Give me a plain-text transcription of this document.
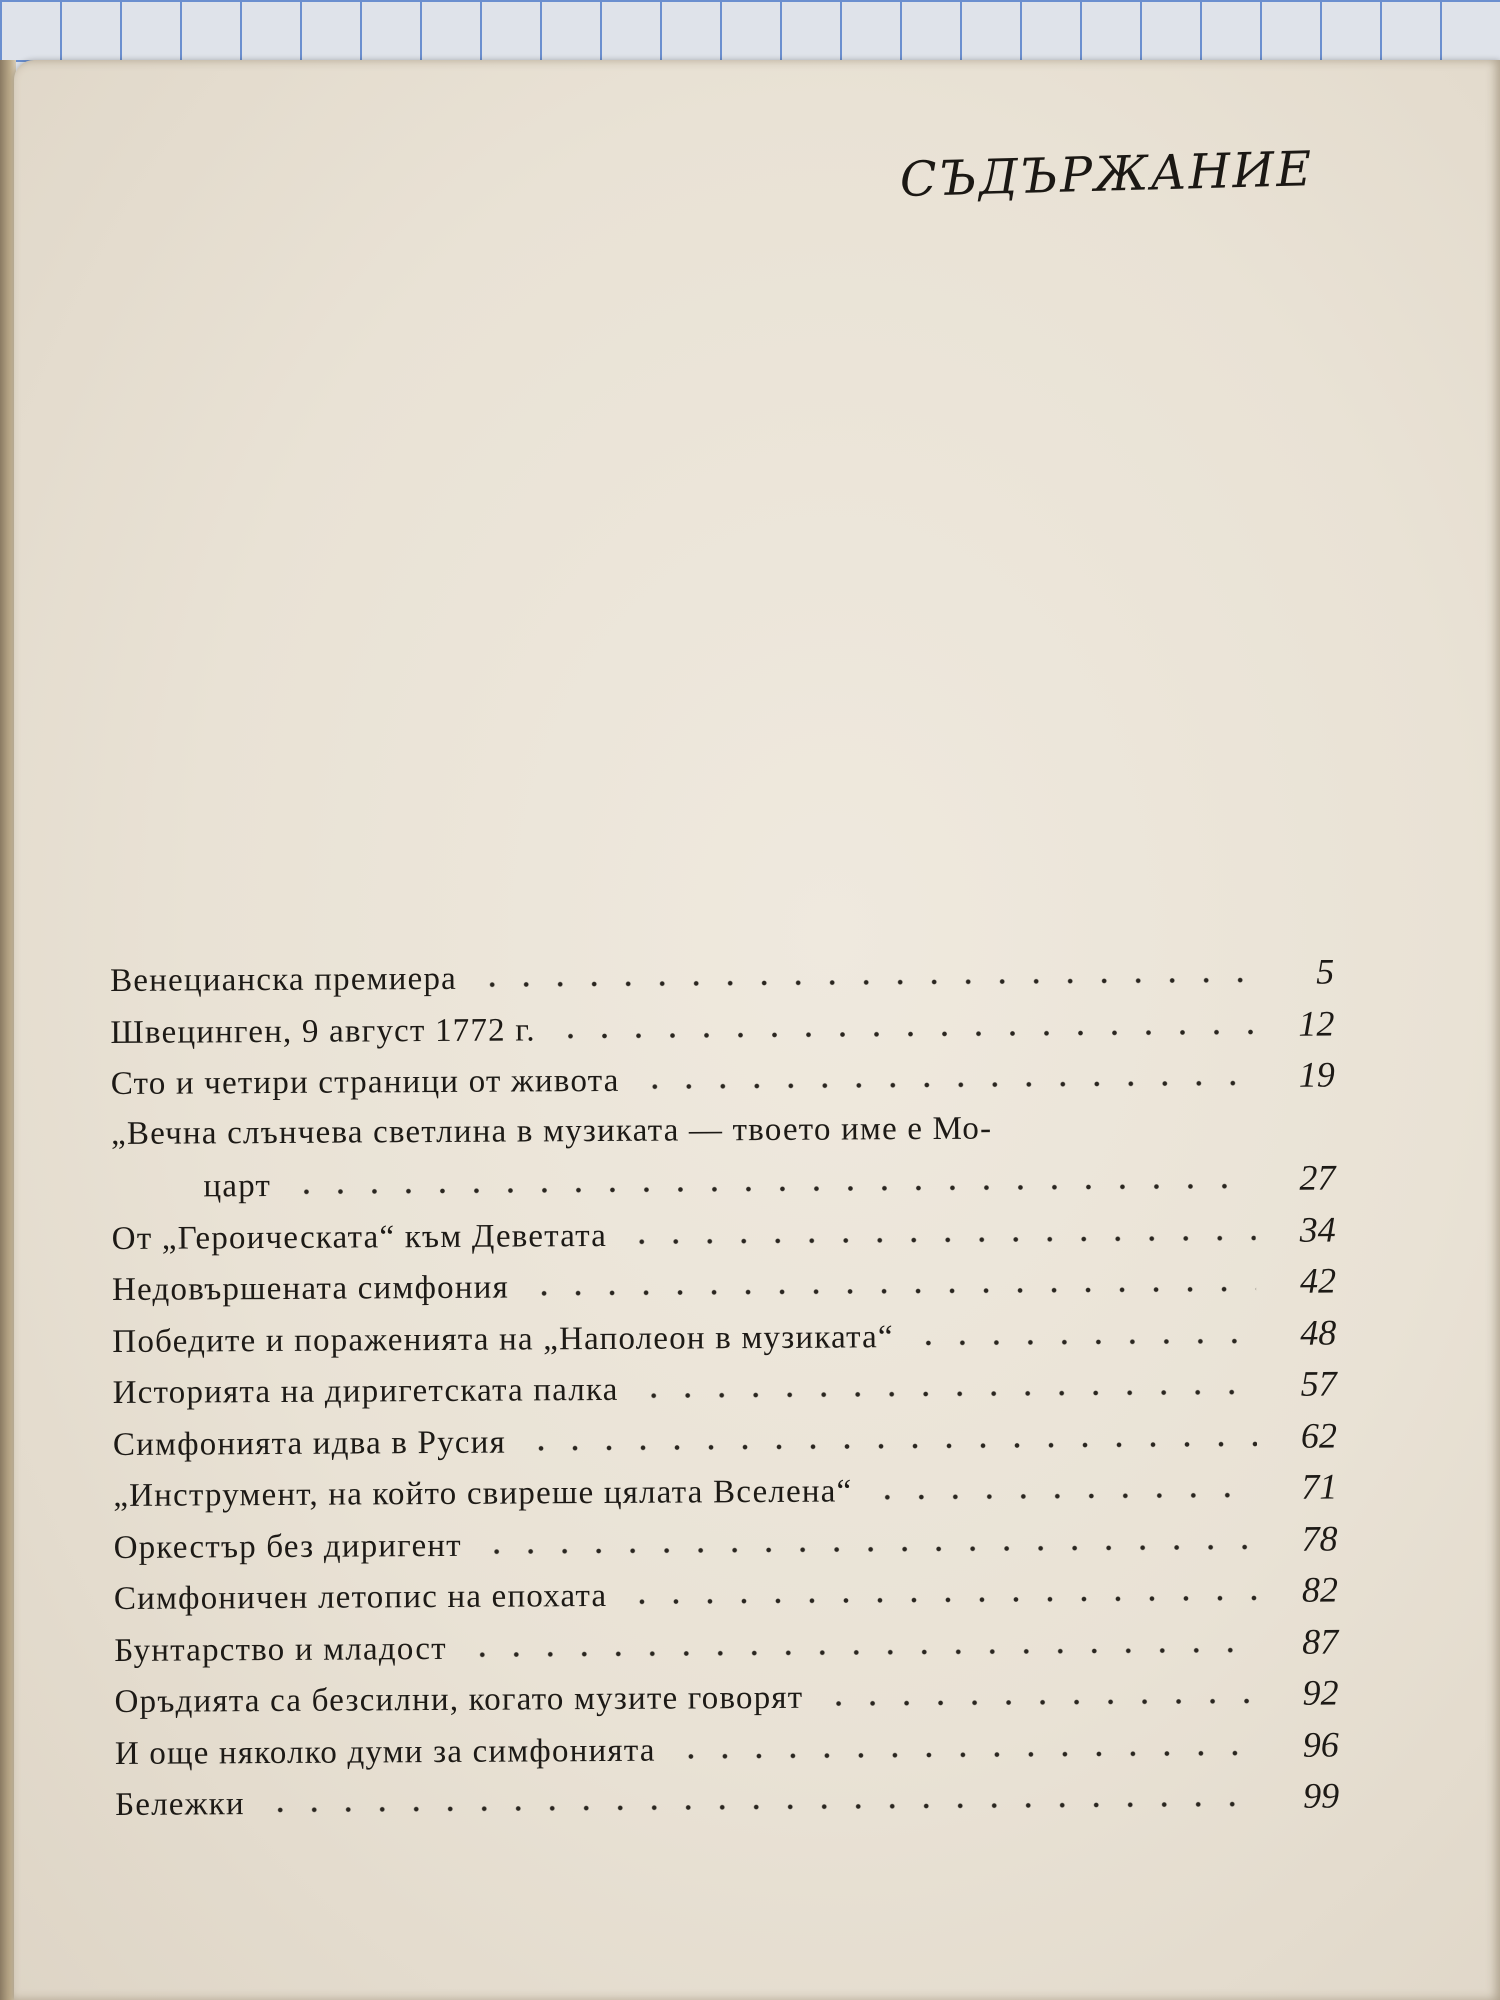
СЪДЪРЖАНИЕ
Венецианска премиера	5
Швецинген, 9 август 1772 г.	12
Сто и четири страници от живота	19
„Вечна слънчева светлина в музиката — твоето име е Мо-
царт	27
От „Героическата“ към Деветата	34
Недовършената симфония	42
Победите и пораженията на „Наполеон в музиката“	48
Историята на диригетската палка	57
Симфонията идва в Русия	62
„Инструмент, на който свиреше цялата Вселена“	71
Оркестър без диригент	78
Симфоничен летопис на епохата	82
Бунтарство и младост	87
Оръдията са безсилни, когато музите говорят	92
И още няколко думи за симфонията	96
Бележки	99
